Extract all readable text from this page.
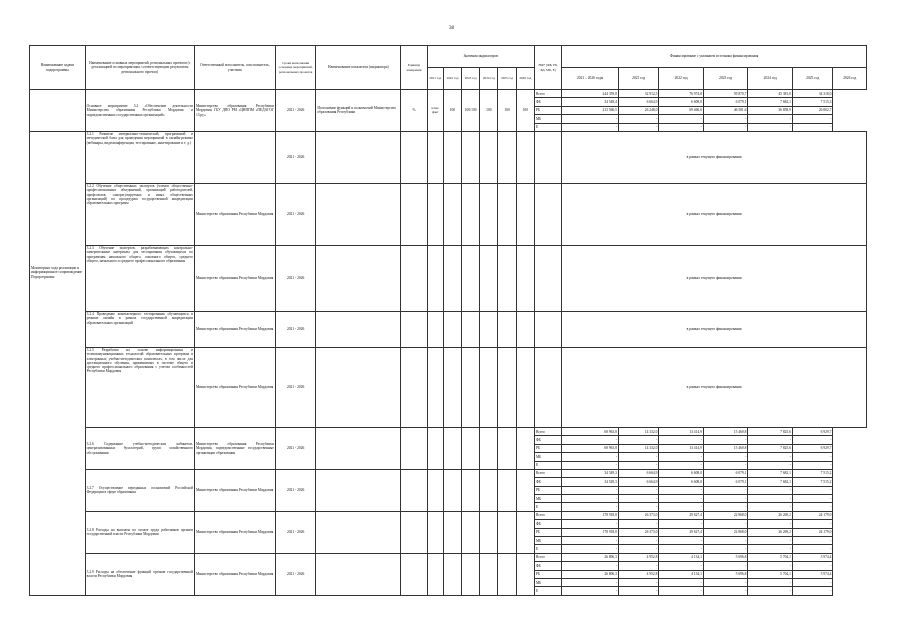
38
Наименование задачи подпрограммы	Наименование основных мероприятий, региональных проектов (с детализацией по мероприятиям, соответствующим результатам регионального проекта)	Ответственный исполнитель, соисполнитель, участник	Сроки выполнения основных мероприятий, региональных проектов	Наименование показателя (индикатора)	Единица измерения	Значения индикаторов						НФ* (ФБ, РБ, БД, МБ, Е)	Финансирование с указанием источника финансирования						
						2021 год	2022 год	2023 год	2024 год	2025 год	2026 год		2021 – 2026 годы	2021 год	2022 год	2023 год	2024 год	2025 год	2026 год
	Основное мероприятие 3.2 «Обеспечение деятельности Министерства образования Республики Мордовия и подведомственных государственных организаций»	Министерство образования Республики Мордовия, ГБУ ДПО РМ «ЦНППМ «ПЕДАГОГ 13.ру»	2021 - 2026	Исполнение функций и полномочий Министерства образования Республики	%	план/факт	100	100/100	100	100	100	Всего	244 359,8	32 912,5	76 974,8	59 870,7	45 381,0	34 318,0	
												ФБ	34 549,4	6 664,9	6 608,0	6 079,1	7 682,1	7 515,3	
												РБ	213 566,5	26 248,0	69 460,6	46 581,6	36 858,9	26 802,7	
												МБ	-	-	-	-	-	-	
												Е	-	-	-	-	-	-	

Мониторинг хода реализации и информационное сопровождение Подпрограммы	3.2.1 Развитие материально-технической, программной и методической базы для проведения мероприятий в онлайн-режиме (вебинары, видеоконференции, тестирование, анкетирование и т. д.)		2021 - 2026										в рамках текущего финансирования						
	3.2.2 Обучение общественных экспертов (членов общественно-профессиональных объединений, организаций работодателей, профсоюзов, саморегулируемых и иных общественных организаций) по процедурам государственной аккредитации образовательных программ	Министерство образования Республики Мордовия	2021 - 2026										в рамках текущего финансирования						
	3.2.3 Обучение экспертов, разрабатывающих контрольно-измерительные материалы для тестирования обучающихся по программам начального общего, основного общего, среднего общего, начального и среднего профессионального образования	Министерство образования Республики Мордовия	2021 - 2026										в рамках текущего финансирования						
	3.2.4 Проведение компьютерного тестирования обучающихся в режиме онлайн в рамках государственной аккредитации образовательных организаций	Министерство образования Республики Мордовия	2021 - 2026										в рамках текущего финансирования						
	3.2.5 Разработка на основе информационных и телекоммуникационных технологий образовательных программ в электронных учебно-методических комплексах, в том числе для дистанционного обучения, применяемых в системе общего и среднего профессионального образования с учетом особенностей Республики Мордовия	Министерство образования Республики Мордовия	2021 - 2026										в рамках текущего финансирования						
	3.2.6 Содержание учебно-методических кабинетов, централизованных бухгалтерий, групп хозяйственного обслуживания	Министерство образования Республики Мордовия, подведомственные государственные организации образования	2021 - 2026									Всего	68 963,8	14 332,0	13 414,9	15 460,8	7 825,6	6 929,7	
												ФБ	-	-	-	-	-	-	
												РБ	68 963,8	14 332,0	13 414,9	15 460,8	7 825,6	6 929,7	
												МБ	-	-	-	-	-	-	
												Е	-	-	-	-	-	-	
	3.2.7 Осуществление переданных полномочий Российской Федерации в сфере образования	Министерство образования Республики Мордовия	2021 - 2026									Всего	34 549,3	6 664,9	6 608,0	6 079,1	7 682,1	7 515,2	
												ФБ	34 549,3	6 664,9	6 608,0	6 079,1	7 682,1	7 515,2	
												РБ	-	-	-	-	-	-	
												МБ	-	-	-	-	-	-	
												Е	-	-	-	-	-	-	
	3.2.8 Расходы на выплаты по оплате труда работников органов государственной власти Республики Мордовия	Министерство образования Республики Мордовия	2021 - 2026									Всего	178 918,8	26 373,0	29 627,4	22 868,0	26 269,2	24 179,0	
												ФБ	-	-	-	-	-	-	
												РБ	178 918,8	26 373,0	29 627,4	22 868,0	26 269,2	24 179,0	
												МБ	-	-	-	-	-	-	
												Е	-	-	-	-	-	-	
	3.2.9 Расходы на обеспечение функций органов государственной власти Республики Мордовия	Министерство образования Республики Мордовия	2021 - 2026									Всего	26 806,3	4 952,8	4 134,1	5 696,8	5 704,1	5 974,4	
												ФБ	-	-	-	-	-	-	
												РБ	26 806,3	4 952,8	4 134,1	5 696,8	5 704,1	5 974,4	
												МБ	-	-	-	-	-	-	
												Е	-	-	-	-	-	-	
